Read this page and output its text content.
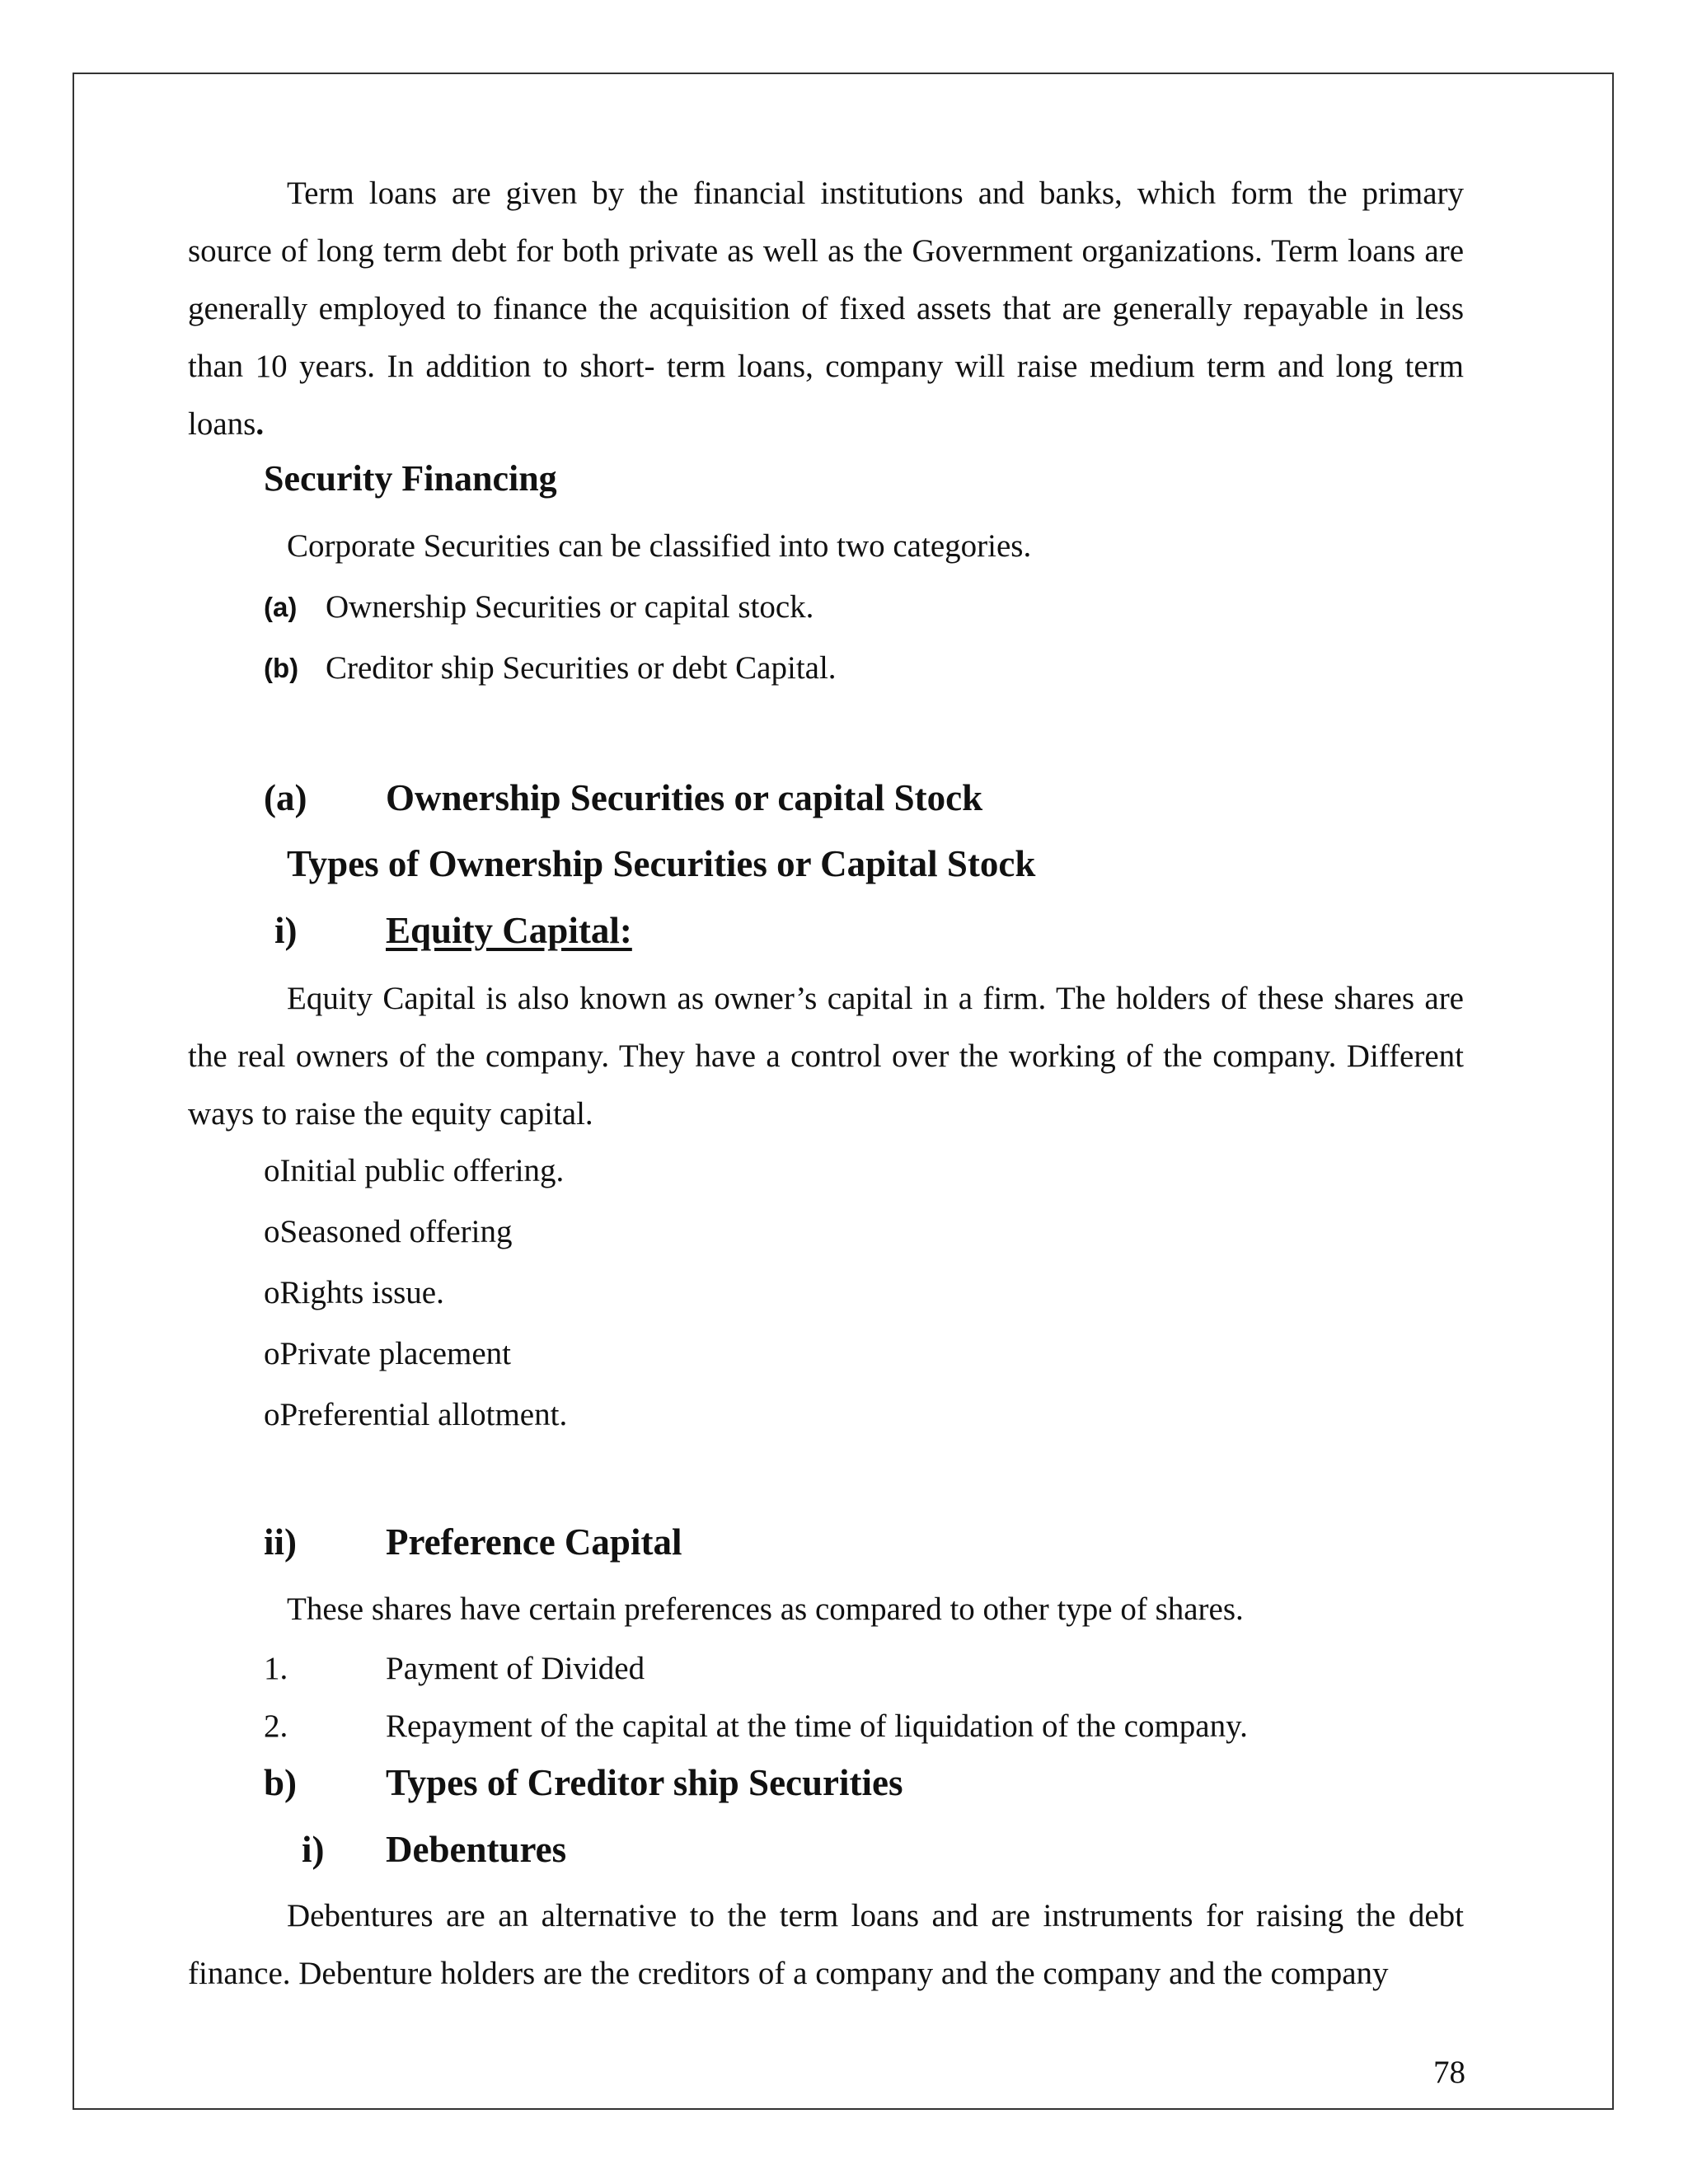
Term loans are given by the financial institutions and banks, which form the primary source of long term debt for both private as well as the Government organizations. Term loans are generally employed to finance the acquisition of fixed assets that are generally repayable in less than 10 years. In addition to short- term loans, company will raise medium term and long term loans.
Security Financing
Corporate Securities can be classified into two categories.
(a) Ownership Securities or capital stock.
(b) Creditor ship Securities or debt Capital.
(a) Ownership Securities or capital Stock
Types of Ownership Securities or Capital Stock
i) Equity Capital:
Equity Capital is also known as owner’s capital in a firm. The holders of these shares are the real owners of the company. They have a control over the working of the company. Different ways to raise the equity capital.
oInitial public offering.
oSeasoned offering
oRights issue.
oPrivate placement
oPreferential allotment.
ii) Preference Capital
These shares have certain preferences as compared to other type of shares.
1.	Payment of Divided
2.	Repayment of the capital at the time of liquidation of the company.
b) Types of Creditor ship Securities
i) Debentures
Debentures are an alternative to the term loans and are instruments for raising the debt finance. Debenture holders are the creditors of a company and the company and the company
78
